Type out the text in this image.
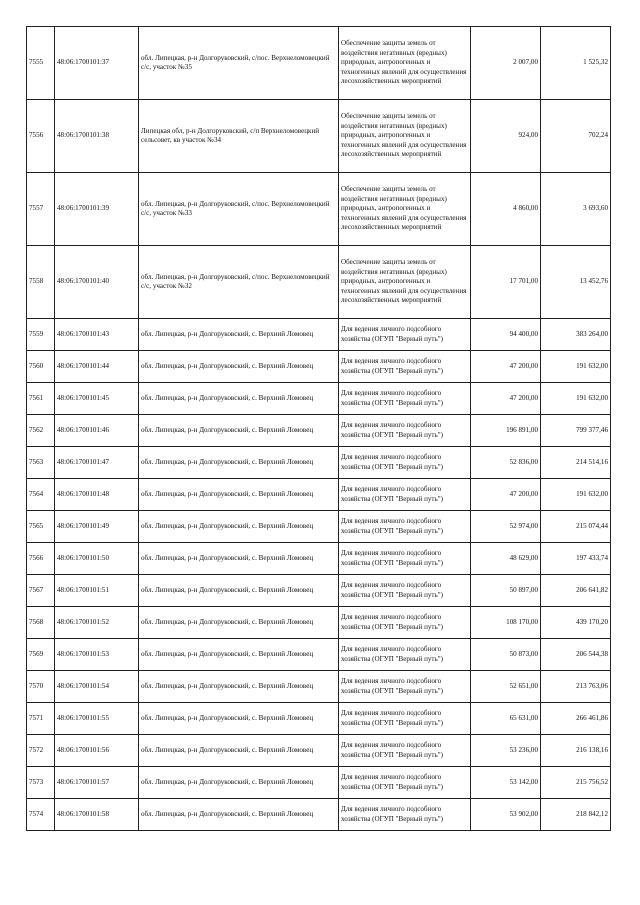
7555	48:06:1700101:37	обл. Липецкая, р-н Долгоруковский, с/пос. Верхнеломовецкий с/с, участок №35	Обеспечение защиты земель от воздействия негативных (вредных) природных, антропогенных и техногенных явлений для осуществления лесохозяйственных мероприятий	2 007,00	1 525,32
7556	48:06:1700101:38	Липецкая обл, р-н Долгоруковский, с/п Верхнеломовецкий сельсовет, кв участок №34	Обеспечение защиты земель от воздействия негативных (вредных) природных, антропогенных и техногенных явлений для осуществления лесохозяйственных мероприятий	924,00	702,24
7557	48:06:1700101:39	обл. Липецкая, р-н Долгоруковский, с/пос. Верхнеломовецкий с/с, участок №33	Обеспечение защиты земель от воздействия негативных (вредных) природных, антропогенных и техногенных явлений для осуществления лесохозяйственных мероприятий	4 860,00	3 693,60
7558	48:06:1700101:40	обл. Липецкая, р-н Долгоруковский, с/пос. Верхнеломовецкий с/с, участок №32	Обеспечение защиты земель от воздействия негативных (вредных) природных, антропогенных и техногенных явлений для осуществления лесохозяйственных мероприятий	17 701,00	13 452,76
7559	48:06:1700101:43	обл. Липецкая, р-н Долгоруковский, с. Верхний Ломовец	Для ведения личного подсобного хозяйства (ОГУП "Верный путь")	94 400,00	383 264,00
7560	48:06:1700101:44	обл. Липецкая, р-н Долгоруковский, с. Верхний Ломовец	Для ведения личного подсобного хозяйства (ОГУП "Верный путь")	47 200,00	191 632,00
7561	48:06:1700101:45	обл. Липецкая, р-н Долгоруковский, с. Верхний Ломовец	Для ведения личного подсобного хозяйства (ОГУП "Верный путь")	47 200,00	191 632,00
7562	48:06:1700101:46	обл. Липецкая, р-н Долгоруковский, с. Верхний Ломовец	Для ведения личного подсобного хозяйства (ОГУП "Верный путь")	196 891,00	799 377,46
7563	48:06:1700101:47	обл. Липецкая, р-н Долгоруковский, с. Верхний Ломовец	Для ведения личного подсобного хозяйства (ОГУП "Верный путь")	52 836,00	214 514,16
7564	48:06:1700101:48	обл. Липецкая, р-н Долгоруковский, с. Верхний Ломовец	Для ведения личного подсобного хозяйства (ОГУП "Верный путь")	47 200,00	191 632,00
7565	48:06:1700101:49	обл. Липецкая, р-н Долгоруковский, с. Верхний Ломовец	Для ведения личного подсобного хозяйства (ОГУП "Верный путь")	52 974,00	215 074,44
7566	48:06:1700101:50	обл. Липецкая, р-н Долгоруковский, с. Верхний Ломовец	Для ведения личного подсобного хозяйства (ОГУП "Верный путь")	48 629,00	197 433,74
7567	48:06:1700101:51	обл. Липецкая, р-н Долгоруковский, с. Верхний Ломовец	Для ведения личного подсобного хозяйства (ОГУП "Верный путь")	50 897,00	206 641,82
7568	48:06:1700101:52	обл. Липецкая, р-н Долгоруковский, с. Верхний Ломовец	Для ведения личного подсобного хозяйства (ОГУП "Верный путь")	108 170,00	439 170,20
7569	48:06:1700101:53	обл. Липецкая, р-н Долгоруковский, с. Верхний Ломовец	Для ведения личного подсобного хозяйства (ОГУП "Верный путь")	50 873,00	206 544,38
7570	48:06:1700101:54	обл. Липецкая, р-н Долгоруковский, с. Верхний Ломовец	Для ведения личного подсобного хозяйства (ОГУП "Верный путь")	52 651,00	213 763,06
7571	48:06:1700101:55	обл. Липецкая, р-н Долгоруковский, с. Верхний Ломовец	Для ведения личного подсобного хозяйства (ОГУП "Верный путь")	65 631,00	266 461,86
7572	48:06:1700101:56	обл. Липецкая, р-н Долгоруковский, с. Верхний Ломовец	Для ведения личного подсобного хозяйства (ОГУП "Верный путь")	53 236,00	216 138,16
7573	48:06:1700101:57	обл. Липецкая, р-н Долгоруковский, с. Верхний Ломовец	Для ведения личного подсобного хозяйства (ОГУП "Верный путь")	53 142,00	215 756,52
7574	48:06:1700101:58	обл. Липецкая, р-н Долгоруковский, с. Верхний Ломовец	Для ведения личного подсобного хозяйства (ОГУП "Верный путь")	53 902,00	218 842,12
